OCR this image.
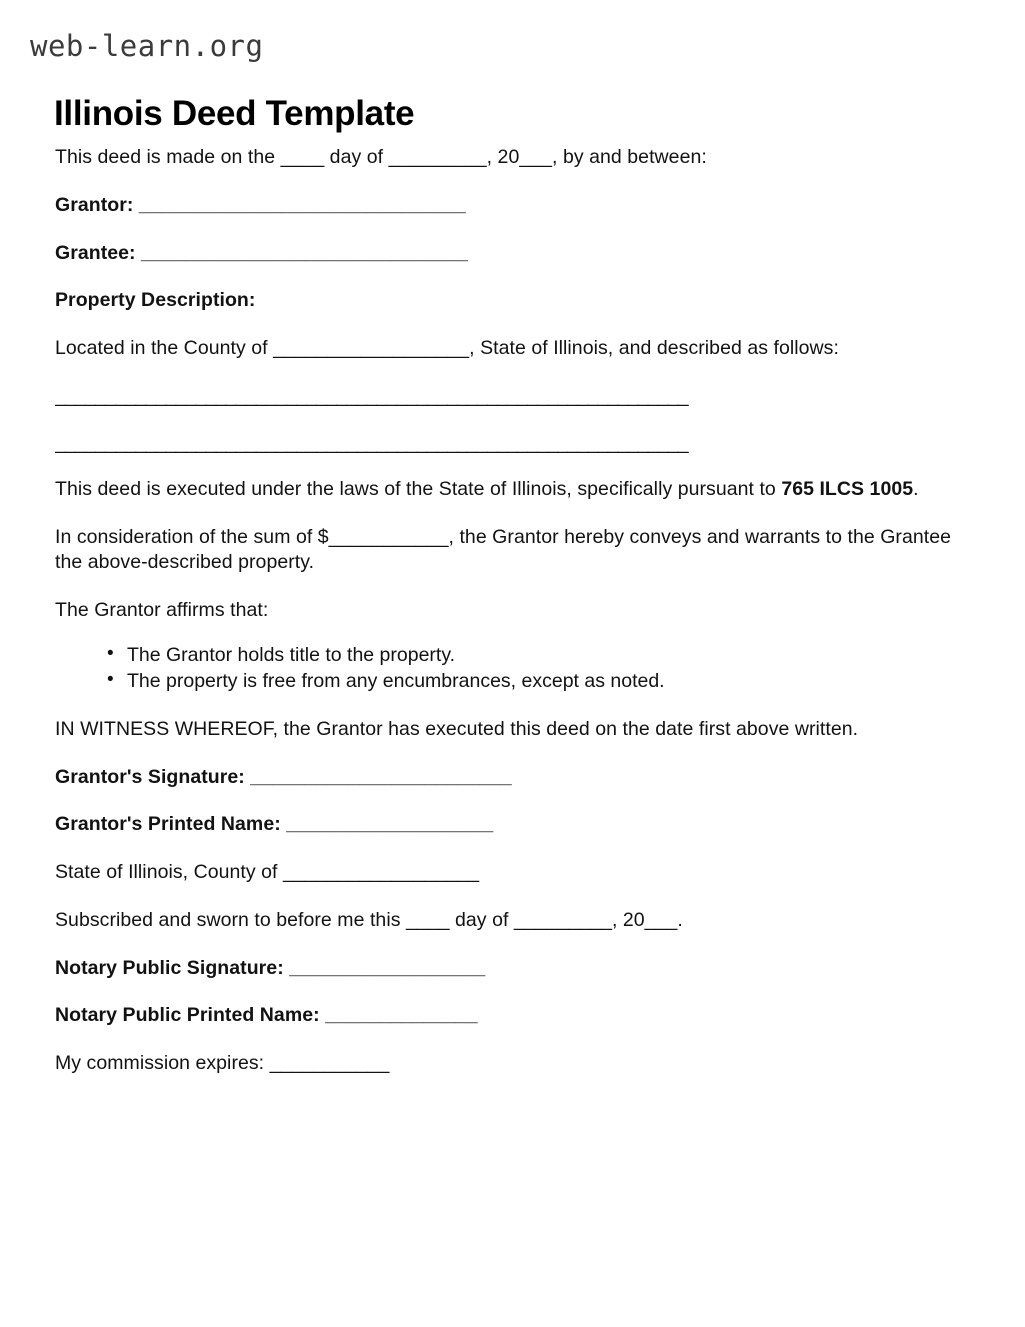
web-learn.org
Illinois Deed Template

This deed is made on the ____ day of _________, 20___, by and between:

Grantor: ______________________________

Grantee: ______________________________

Property Description:

Located in the County of __________________, State of Illinois, and described as follows:

_______________________________________________________________

_______________________________________________________________

This deed is executed under the laws of the State of Illinois, specifically pursuant to 765 ILCS 1005.

In consideration of the sum of $___________, the Grantor hereby conveys and warrants to the Grantee the above-described property.

The Grantor affirms that:

• The Grantor holds title to the property.
• The property is free from any encumbrances, except as noted.

IN WITNESS WHEREOF, the Grantor has executed this deed on the date first above written.

Grantor's Signature: ________________________

Grantor's Printed Name: ___________________

State of Illinois, County of __________________

Subscribed and sworn to before me this ____ day of _________, 20___.

Notary Public Signature: __________________

Notary Public Printed Name: ______________

My commission expires: ___________
